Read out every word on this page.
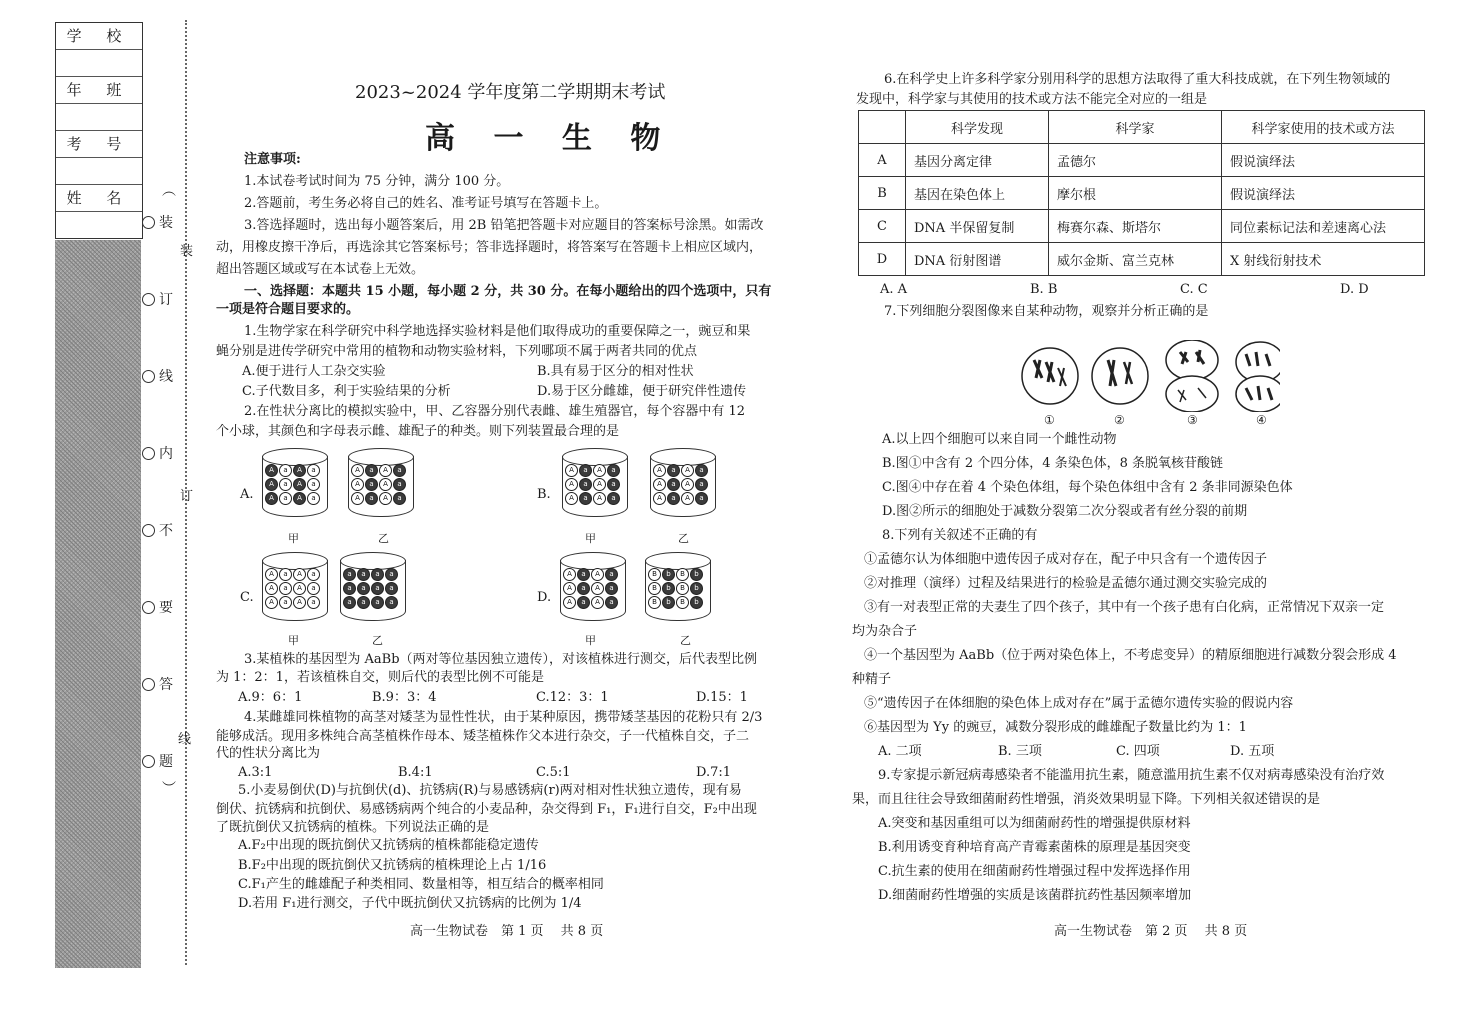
学 校
年 班
考 号
姓 名	︵
装
订
线
内
不
要
答
题
︶
装
订
线
2023~2024 学年度第二学期期末考试
高 一 生 物
注意事项:
1.本试卷考试时间为 75 分钟，满分 100 分。
2.答题前，考生务必将自己的姓名、准考证号填写在答题卡上。
3.答选择题时，选出每小题答案后，用 2B 铅笔把答题卡对应题目的答案标号涂黑。如需改
动，用橡皮擦干净后，再选涂其它答案标号；答非选择题时，将答案写在答题卡上相应区域内，
超出答题区域或写在本试卷上无效。
一、选择题：本题共 15 小题，每小题 2 分，共 30 分。在每小题给出的四个选项中，只有
一项是符合题目要求的。
1.生物学家在科学研究中科学地选择实验材料是他们取得成功的重要保障之一，豌豆和果
蝇分别是进传学研究中常用的植物和动物实验材料，下列哪项不属于两者共同的优点
A.便于进行人工杂交实验	B.具有易于区分的相对性状
C.子代数目多，利于实验结果的分析	D.易于区分雌雄，便于研究伴性遗传
2.在性状分离比的模拟实验中，甲、乙容器分别代表雌、雄生殖器官，每个容器中有 12
个小球，其颜色和字母表示雌、雄配子的种类。则下列装置最合理的是
A.
A	a	A	a
A	a	A	a
A	a	A	a
A	a	A	a
A	a	A	a
A	a	A	a
甲	乙
B.
A	a	A	a
A	a	A	a
A	a	A	a
A	a	A	a
A	a	A	a
A	a	A	a
甲	乙
C.
A	a	A	a
A	a	A	a
A	a	A	a
a	a	a	a
a	a	a	a
a	a	a	a
甲	乙
D.
A	a	A	a
A	a	A	a
A	a	A	a
B	b	B	b
B	b	B	b
B	b	B	b
甲	乙
3.某植株的基因型为 AaBb（两对等位基因独立遗传），对该植株进行测交，后代表型比例
为 1：2：1，若该植株自交，则后代的表型比例不可能是
A.9：6：1	B.9：3：4	C.12：3：1	D.15：1
4.某雌雄同株植物的高茎对矮茎为显性性状，由于某种原因，携带矮茎基因的花粉只有 2/3
能够成活。现用多株纯合高茎植株作母本、矮茎植株作父本进行杂交，子一代植株自交，子二
代的性状分离比为
A.3:1	B.4:1	C.5:1	D.7:1
5.小麦易倒伏(D)与抗倒伏(d)、抗锈病(R)与易感锈病(r)两对相对性状独立遗传，现有易
倒伏、抗锈病和抗倒伏、易感锈病两个纯合的小麦品种，杂交得到 F₁，F₁进行自交，F₂中出现
了既抗倒伏又抗锈病的植株。下列说法正确的是
A.F₂中出现的既抗倒伏又抗锈病的植株都能稳定遗传
B.F₂中出现的既抗倒伏又抗锈病的植株理论上占 1/16
C.F₁产生的雌雄配子种类相同、数量相等，相互结合的概率相同
D.若用 F₁进行测交，子代中既抗倒伏又抗锈病的比例为 1/4
高一生物试卷　第 1 页　 共 8 页
6.在科学史上许多科学家分别用科学的思想方法取得了重大科技成就，在下列生物领域的
发现中，科学家与其使用的技术或方法不能完全对应的一组是
	科学发现	科学家	科学家使用的技术或方法
A	基因分离定律	孟德尔	假说演绎法
B	基因在染色体上	摩尔根	假说演绎法
C	DNA 半保留复制	梅赛尔森、斯塔尔	同位素标记法和差速离心法
D	DNA 衍射图谱	威尔金斯、富兰克林	X 射线衍射技术
A. A	B. B	C. C	D. D
7.下列细胞分裂图像来自某种动物，观察并分析正确的是
①	②	③	④
A.以上四个细胞可以来自同一个雌性动物
B.图①中含有 2 个四分体，4 条染色体，8 条脱氧核苷酸链
C.图④中存在着 4 个染色体组，每个染色体组中含有 2 条非同源染色体
D.图②所示的细胞处于减数分裂第二次分裂或者有丝分裂的前期
8.下列有关叙述不正确的有
①孟德尔认为体细胞中遗传因子成对存在，配子中只含有一个遗传因子
②对推理（演绎）过程及结果进行的检验是孟德尔通过测交实验完成的
③有一对表型正常的夫妻生了四个孩子，其中有一个孩子患有白化病，正常情况下双亲一定
均为杂合子
④一个基因型为 AaBb（位于两对染色体上，不考虑变异）的精原细胞进行减数分裂会形成 4
种精子
⑤“遗传因子在体细胞的染色体上成对存在”属于孟德尔遗传实验的假说内容
⑥基因型为 Yy 的豌豆，减数分裂形成的雌雄配子数量比约为 1：1
A. 二项	B. 三项	C. 四项	D. 五项
9.专家提示新冠病毒感染者不能滥用抗生素，随意滥用抗生素不仅对病毒感染没有治疗效
果，而且往往会导致细菌耐药性增强，消炎效果明显下降。下列相关叙述错误的是
A.突变和基因重组可以为细菌耐药性的增强提供原材料
B.利用诱变育种培育高产青霉素菌株的原理是基因突变
C.抗生素的使用在细菌耐药性增强过程中发挥选择作用
D.细菌耐药性增强的实质是该菌群抗药性基因频率增加
高一生物试卷　第 2 页　 共 8 页
